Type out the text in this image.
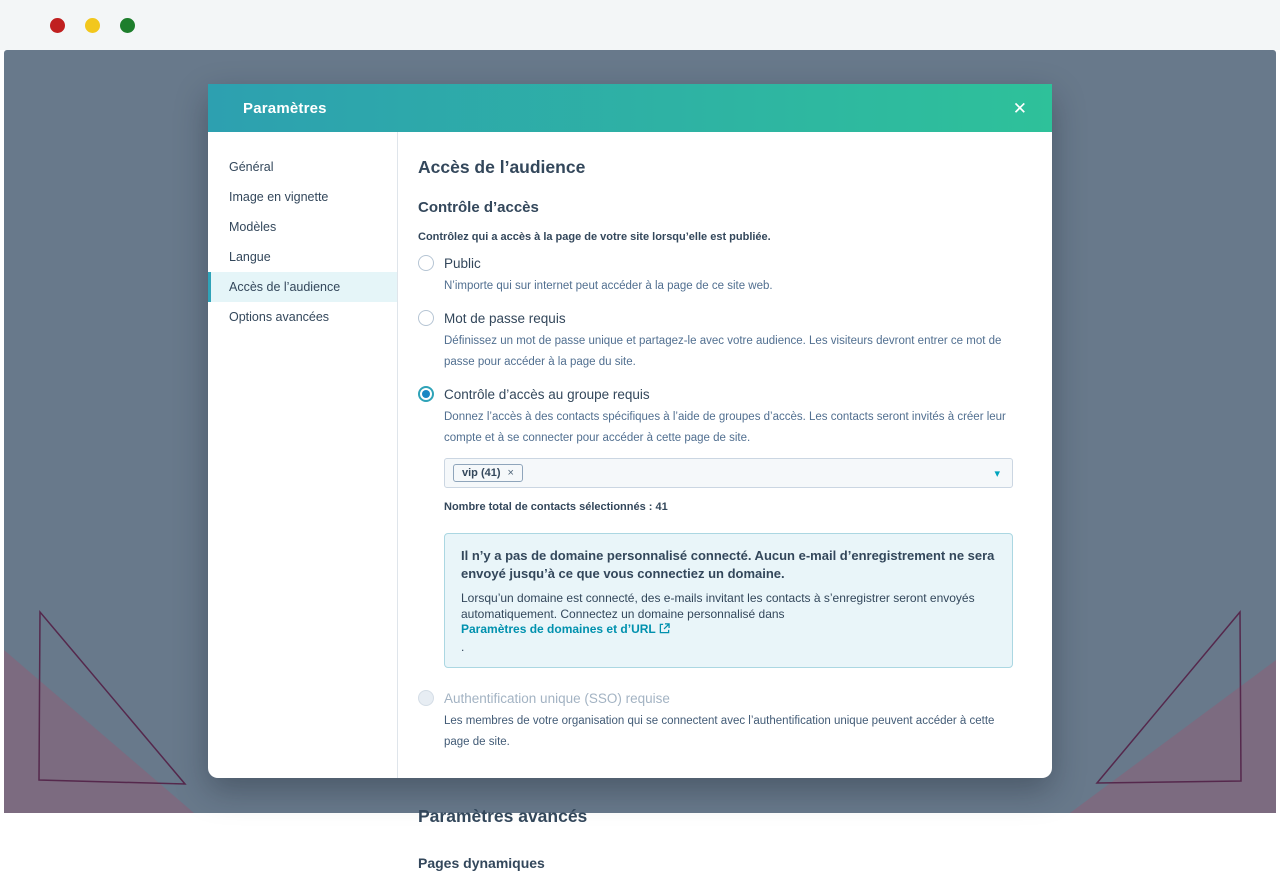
Paramètres	✕
Général
Image en vignette
Modèles
Langue
Accès de l’audience
Options avancées
Accès de l’audience
Contrôle d’accès
Contrôlez qui a accès à la page de votre site lorsqu’elle est publiée.
Public
N’importe qui sur internet peut accéder à la page de ce site web.
Mot de passe requis
Définissez un mot de passe unique et partagez-le avec votre audience. Les visiteurs devront entrer ce mot de passe pour accéder à la page du site.
Contrôle d’accès au groupe requis
Donnez l’accès à des contacts spécifiques à l’aide de groupes d’accès. Les contacts seront invités à créer leur compte et à se connecter pour accéder à cette page de site.
vip (41) ×	▾
Nombre total de contacts sélectionnés : 41
Il n’y a pas de domaine personnalisé connecté. Aucun e-mail d’enregistrement ne sera envoyé jusqu’à ce que vous connectiez un domaine.
Lorsqu’un domaine est connecté, des e-mails invitant les contacts à s’enregistrer seront envoyés automatiquement. Connectez un domaine personnalisé dans Paramètres de domaines et d’URL
.
Authentification unique (SSO) requise
Les membres de votre organisation qui se connectent avec l’authentification unique peuvent accéder à cette page de site.
Paramètres avancés
Pages dynamiques
